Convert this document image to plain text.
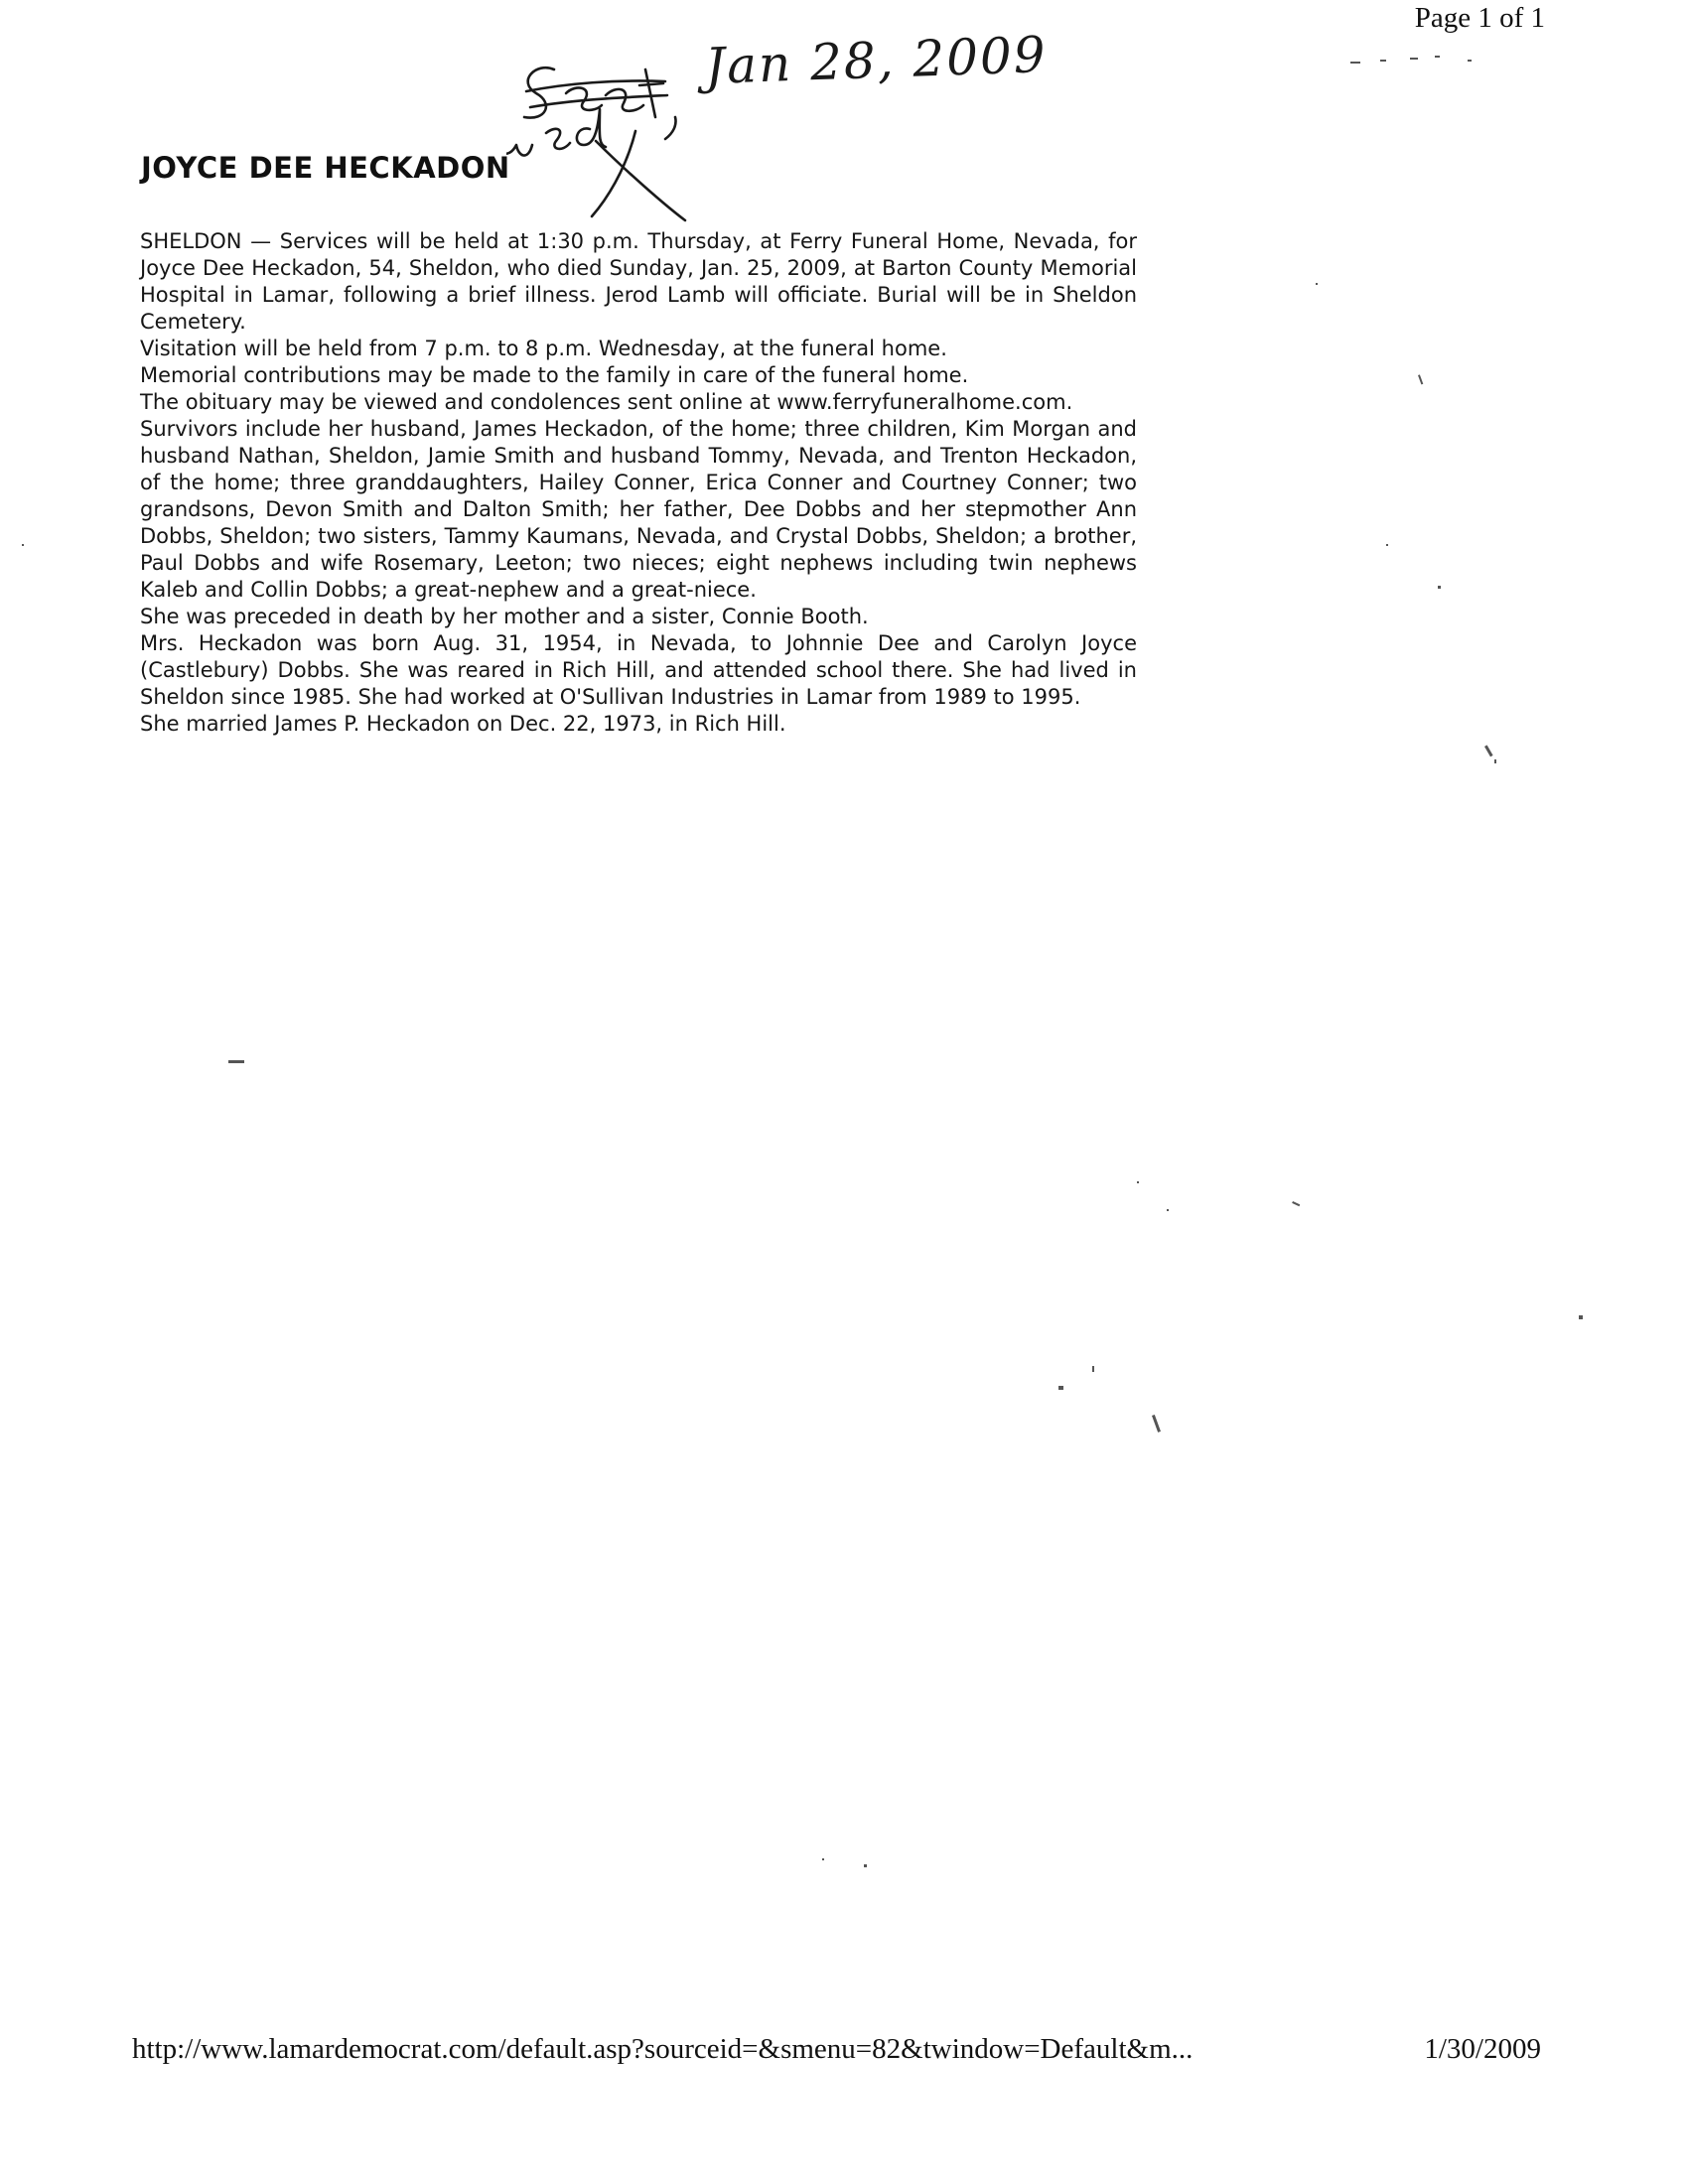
Page 1 of 1
Jan 28, 2009
JOYCE DEE HECKADON

SHELDON — Services will be held at 1:30 p.m. Thursday, at Ferry Funeral Home, Nevada, for Joyce Dee Heckadon, 54, Sheldon, who died Sunday, Jan. 25, 2009, at Barton County Memorial Hospital in Lamar, following a brief illness. Jerod Lamb will officiate. Burial will be in Sheldon Cemetery.

Visitation will be held from 7 p.m. to 8 p.m. Wednesday, at the funeral home.

Memorial contributions may be made to the family in care of the funeral home.

The obituary may be viewed and condolences sent online at www.ferryfuneralhome.com.

Survivors include her husband, James Heckadon, of the home; three children, Kim Morgan and husband Nathan, Sheldon, Jamie Smith and husband Tommy, Nevada, and Trenton Heckadon, of the home; three granddaughters, Hailey Conner, Erica Conner and Courtney Conner; two grandsons, Devon Smith and Dalton Smith; her father, Dee Dobbs and her stepmother Ann Dobbs, Sheldon; two sisters, Tammy Kaumans, Nevada, and Crystal Dobbs, Sheldon; a brother, Paul Dobbs and wife Rosemary, Leeton; two nieces; eight nephews including twin nephews Kaleb and Collin Dobbs; a great-nephew and a great-niece.

She was preceded in death by her mother and a sister, Connie Booth.

Mrs. Heckadon was born Aug. 31, 1954, in Nevada, to Johnnie Dee and Carolyn Joyce (Castlebury) Dobbs. She was reared in Rich Hill, and attended school there. She had lived in Sheldon since 1985. She had worked at O'Sullivan Industries in Lamar from 1989 to 1995.

She married James P. Heckadon on Dec. 22, 1973, in Rich Hill.

http://www.lamardemocrat.com/default.asp?sourceid=&smenu=82&twindow=Default&m...	1/30/2009
